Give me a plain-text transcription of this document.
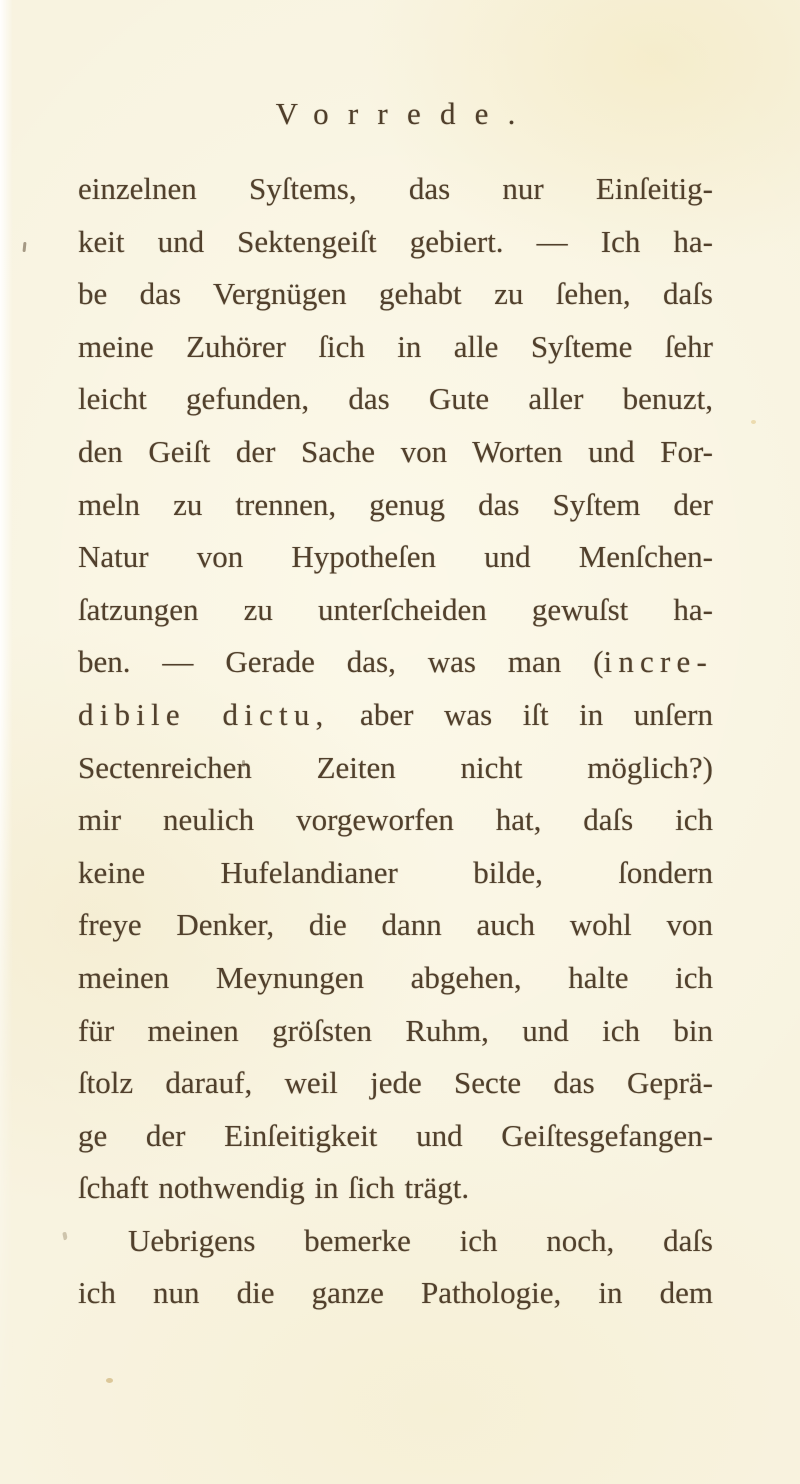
Vorrede.
einzelnen Syſtems, das nur Einſeitig-
keit und Sektengeiſt gebiert. — Ich ha-
be das Vergnügen gehabt zu ſehen, daſs
meine Zuhörer ſich in alle Syſteme ſehr
leicht gefunden, das Gute aller benuzt,
den Geiſt der Sache von Worten und For-
meln zu trennen, genug das Syſtem der
Natur von Hypotheſen und Menſchen-
ſatzungen zu unterſcheiden gewuſst ha-
ben. — Gerade das, was man (incre-
dibile dictu, aber was iſt in unſern
Sectenreichen Zeiten nicht möglich?)
mir neulich vorgeworfen hat, daſs ich
keine Hufelandianer bilde, ſondern
freye Denker, die dann auch wohl von
meinen Meynungen abgehen, halte ich
für meinen gröſsten Ruhm, und ich bin
ſtolz darauf, weil jede Secte das Geprä-
ge der Einſeitigkeit und Geiſtesgefangen-
ſchaft nothwendig in ſich trägt.
Uebrigens bemerke ich noch, daſs
ich nun die ganze Pathologie, in dem
